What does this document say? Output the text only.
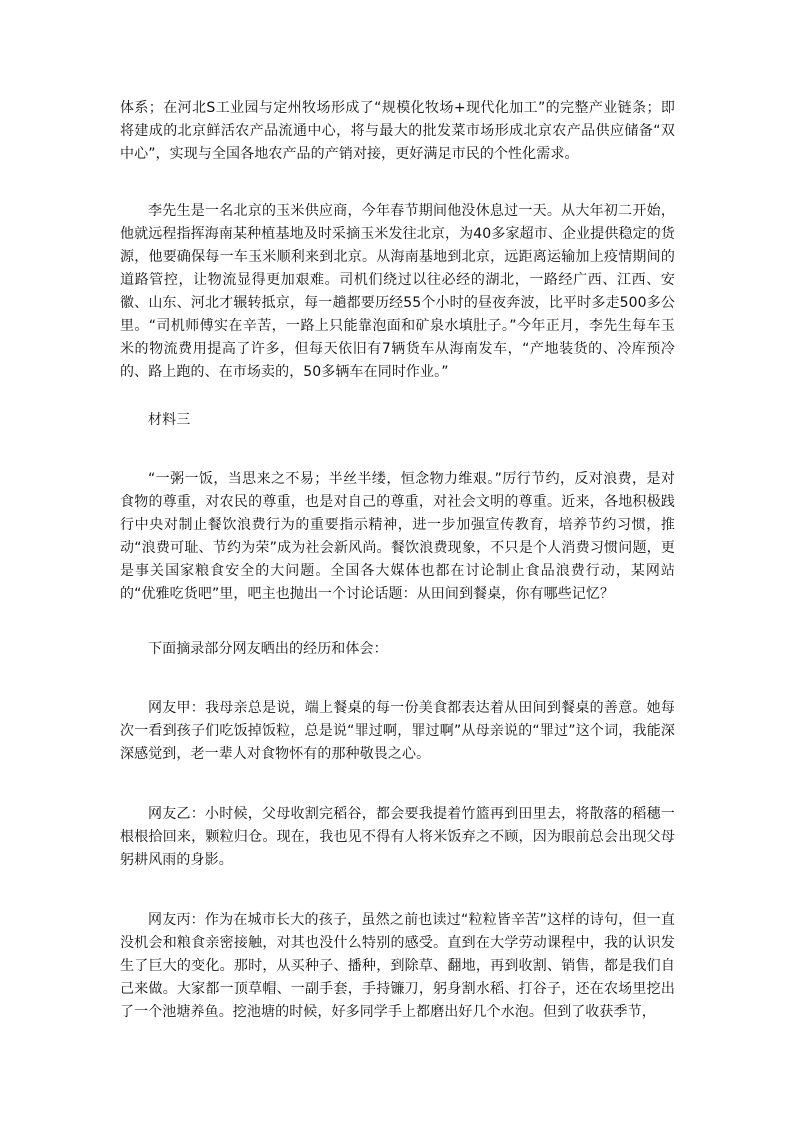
体系；在河北S工业园与定州牧场形成了“规模化牧场+现代化加工”的完整产业链条；即将建成的北京鲜活农产品流通中心，将与最大的批发菜市场形成北京农产品供应储备“双中心”，实现与全国各地农产品的产销对接，更好满足市民的个性化需求。

李先生是一名北京的玉米供应商，今年春节期间他没休息过一天。从大年初二开始，他就远程指挥海南某种植基地及时采摘玉米发往北京，为40多家超市、企业提供稳定的货源，他要确保每一车玉米顺利来到北京。从海南基地到北京，远距离运输加上疫情期间的道路管控，让物流显得更加艰难。司机们绕过以往必经的湖北，一路经广西、江西、安徽、山东、河北才辗转抵京，每一趟都要历经55个小时的昼夜奔波，比平时多走500多公里。“司机师傅实在辛苦，一路上只能靠泡面和矿泉水填肚子。”今年正月，李先生每车玉米的物流费用提高了许多，但每天依旧有7辆货车从海南发车，“产地装货的、冷库预冷的、路上跑的、在市场卖的，50多辆车在同时作业。”

材料三

“一粥一饭，当思来之不易；半丝半缕，恒念物力维艰。”厉行节约，反对浪费，是对食物的尊重，对农民的尊重，也是对自己的尊重，对社会文明的尊重。近来，各地积极践行中央对制止餐饮浪费行为的重要指示精神，进一步加强宣传教育，培养节约习惯，推动“浪费可耻、节约为荣”成为社会新风尚。餐饮浪费现象，不只是个人消费习惯问题，更是事关国家粮食安全的大问题。全国各大媒体也都在讨论制止食品浪费行动，某网站的“优雅吃货吧”里，吧主也抛出一个讨论话题：从田间到餐桌，你有哪些记忆？

下面摘录部分网友晒出的经历和体会：

网友甲：我母亲总是说，端上餐桌的每一份美食都表达着从田间到餐桌的善意。她每次一看到孩子们吃饭掉饭粒，总是说“罪过啊，罪过啊”从母亲说的“罪过”这个词，我能深深感觉到，老一辈人对食物怀有的那种敬畏之心。

网友乙：小时候，父母收割完稻谷，都会要我提着竹篮再到田里去，将散落的稻穗一根根拾回来，颗粒归仓。现在，我也见不得有人将米饭弃之不顾，因为眼前总会出现父母躬耕风雨的身影。

网友丙：作为在城市长大的孩子，虽然之前也读过“粒粒皆辛苦”这样的诗句，但一直没机会和粮食亲密接触，对其也没什么特别的感受。直到在大学劳动课程中，我的认识发生了巨大的变化。那时，从买种子、播种，到除草、翻地，再到收割、销售，都是我们自己来做。大家都一顶草帽、一副手套，手持镰刀，躬身割水稻、打谷子，还在农场里挖出了一个池塘养鱼。挖池塘的时候，好多同学手上都磨出好几个水泡。但到了收获季节，
